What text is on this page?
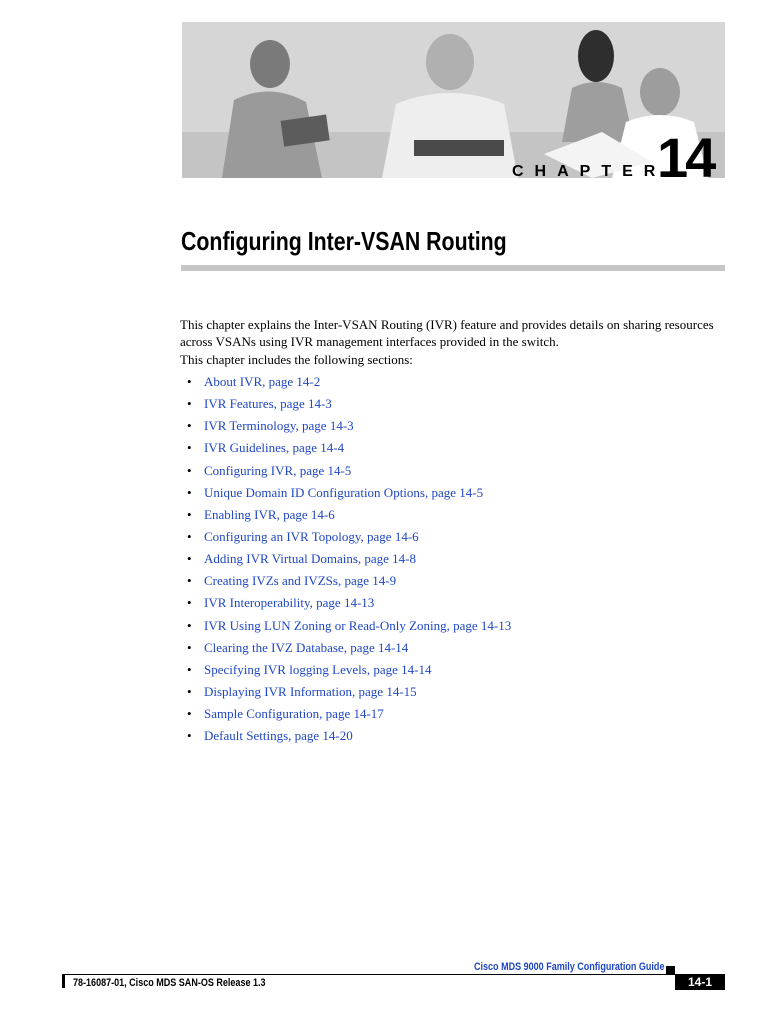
CHAPTER
14
Configuring Inter-VSAN Routing

This chapter explains the Inter-VSAN Routing (IVR) feature and provides details on sharing resources across VSANs using IVR management interfaces provided in the switch.

This chapter includes the following sections:

• About IVR, page 14-2
• IVR Features, page 14-3
• IVR Terminology, page 14-3
• IVR Guidelines, page 14-4
• Configuring IVR, page 14-5
• Unique Domain ID Configuration Options, page 14-5
• Enabling IVR, page 14-6
• Configuring an IVR Topology, page 14-6
• Adding IVR Virtual Domains, page 14-8
• Creating IVZs and IVZSs, page 14-9
• IVR Interoperability, page 14-13
• IVR Using LUN Zoning or Read-Only Zoning, page 14-13
• Clearing the IVZ Database, page 14-14
• Specifying IVR logging Levels, page 14-14
• Displaying IVR Information, page 14-15
• Sample Configuration, page 14-17
• Default Settings, page 14-20
Cisco MDS 9000 Family Configuration Guide
78-16087-01, Cisco MDS SAN-OS Release 1.3	14-1
